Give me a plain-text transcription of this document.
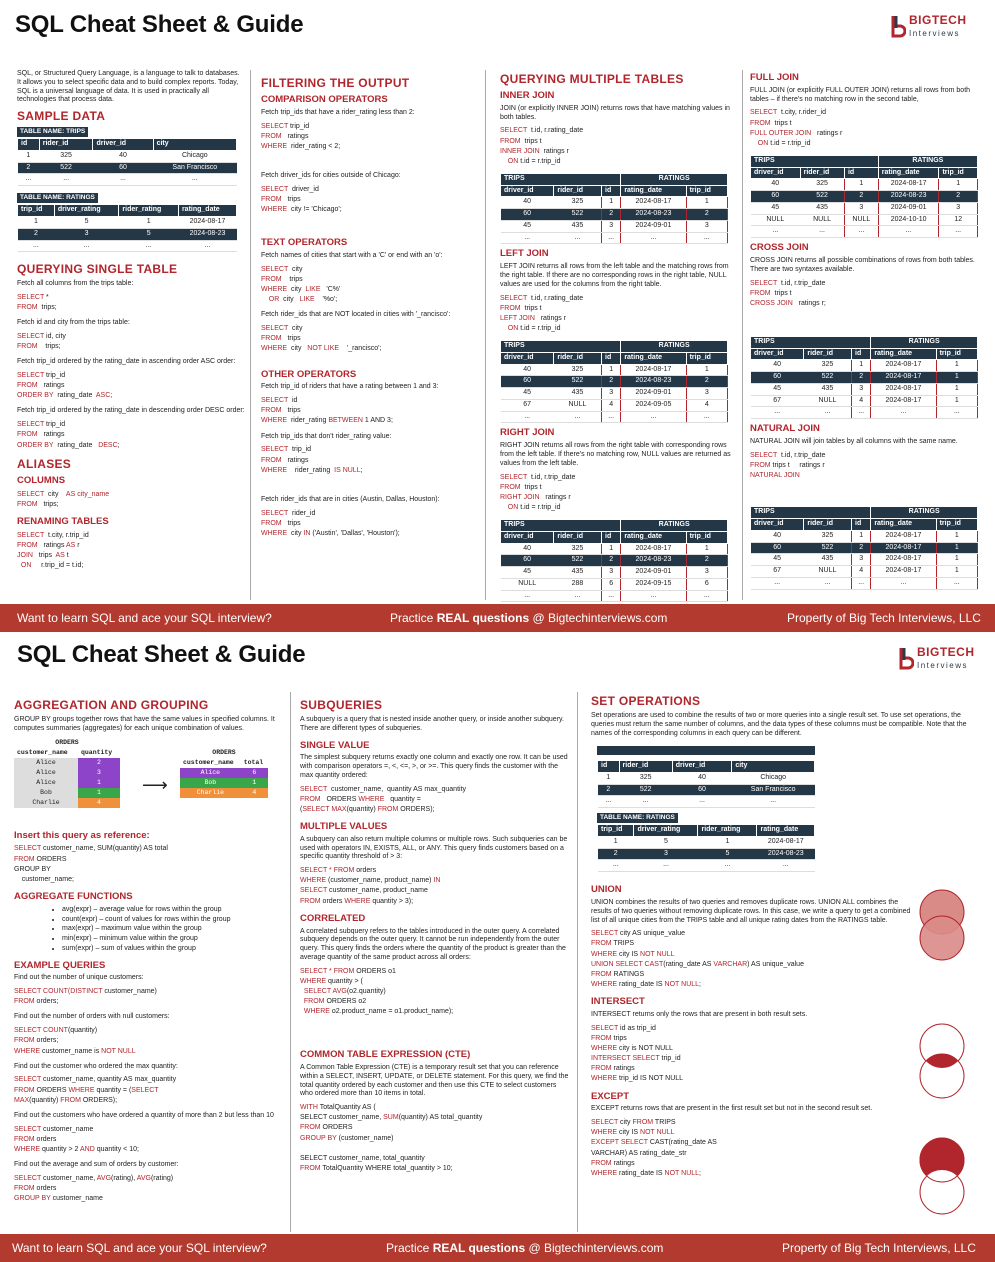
SQL Cheat Sheet & Guide	BIGTECH
Interviews

SQL, or Structured Query Language, is a language to talk to databases. It allows you to select specific data and to build complex reports. Today, SQL is a universal language of data. It is used in practically all technologies that process data.

SAMPLE DATA
TABLE NAME: TRIPS
id	rider_id	driver_id	city
1	325	40	Chicago
2	522	60	San Francisco
...	...	...	...
TABLE NAME: RATINGS
trip_id	driver_rating	rider_rating	rating_date
1	5	1	2024-08-17
2	3	5	2024-08-23
...	...	...	...
QUERYING SINGLE TABLE

Fetch all columns from the trips table:

SELECT *
FROM  trips;

Fetch id and city from the trips table:

SELECT id, city
FROM    trips;

Fetch trip_id ordered by the rating_date in ascending order ASC order:

SELECT trip_id
FROM   ratings
ORDER BY  rating_date  ASC;

Fetch trip_id ordered by the rating_date in descending order DESC order:

SELECT trip_id
FROM   ratings
ORDER BY  rating_date   DESC;
ALIASES
COLUMNS
SELECT  city    AS city_name
FROM   trips;
RENAMING TABLES
SELECT  t.city, r.trip_id
FROM   ratings AS r
JOIN   trips  AS t
ON     r.trip_id = t.id;
FILTERING THE OUTPUT
COMPARISON OPERATORS

Fetch trip_ids that have a rider_rating less than 2:

SELECT trip_id
FROM   ratings
WHERE  rider_rating < 2;

Fetch driver_ids for cities outside of Chicago:

SELECT  driver_id
FROM   trips
WHERE  city != 'Chicago';
TEXT OPERATORS

Fetch names of cities that start with a 'C' or end with an 'o':

SELECT  city
FROM    trips
WHERE  city  LIKE   'C%'
OR  city   LIKE    '%o';

Fetch rider_ids that are NOT located in cities with '_rancisco':

SELECT  city
FROM   trips
WHERE  city   NOT LIKE    '_rancisco';
OTHER OPERATORS

Fetch trip_id of riders that have a rating between 1 and 3:

SELECT  id
FROM   trips
WHERE  rider_rating BETWEEN 1 AND 3;

Fetch trip_ids that don't rider_rating value:

SELECT  trip_id
FROM   ratings
WHERE    rider_rating  IS NULL;

Fetch rider_ids that are in cities (Austin, Dallas, Houston):

SELECT  rider_id
FROM   trips
WHERE  city IN ('Austin', 'Dallas', 'Houston');
QUERYING MULTIPLE TABLES
INNER JOIN

JOIN (or explicitly INNER JOIN) returns rows that have matching values in both tables.

SELECT  t.id, r.rating_date
FROM  trips t
INNER JOIN  ratings r
ON t.id = r.trip_id
TRIPS			RATINGS	
driver_id	rider_id	id	rating_date	trip_id
40	325	1	2024-08-17	1
60	522	2	2024-08-23	2
45	435	3	2024-09-01	3
...	...	...	...	...
LEFT JOIN

LEFT JOIN returns all rows from the left table and the matching rows from the right table. If there are no corresponding rows in the right table, NULL values are used for the columns from the right table.

SELECT  t.id, r.rating_date
FROM  trips t
LEFT JOIN   ratings r
ON t.id = r.trip_id
TRIPS			RATINGS	
driver_id	rider_id	id	rating_date	trip_id
40	325	1	2024-08-17	1
60	522	2	2024-08-23	2
45	435	3	2024-09-01	3
67	NULL	4	2024-09-05	4
...	...	...	...	...
RIGHT JOIN

RIGHT JOIN returns all rows from the right table with corresponding rows from the left table. If there's no matching row, NULL values are returned as values from the left table.

SELECT  t.id, r.trip_date
FROM  trips t
RIGHT JOIN   ratings r
ON t.id = r.trip_id
TRIPS			RATINGS	
driver_id	rider_id	id	rating_date	trip_id
40	325	1	2024-08-17	1
60	522	2	2024-08-23	2
45	435	3	2024-09-01	3
NULL	288	6	2024-09-15	6
...	...	...	...	...
FULL JOIN

FULL JOIN (or explicitly FULL OUTER JOIN) returns all rows from both tables – if there's no matching row in the second table,

SELECT  t.city, r.rider_id
FROM  trips t
FULL OUTER JOIN   ratings r
ON t.id = r.trip_id
TRIPS			RATINGS	
driver_id	rider_id	id	rating_date	trip_id
40	325	1	2024-08-17	1
60	522	2	2024-08-23	2
45	435	3	2024-09-01	3
NULL	NULL	NULL	2024-10-10	12
...	...	...	...	...
CROSS JOIN

CROSS JOIN returns all possible combinations of rows from both tables. There are two syntaxes available.

SELECT  t.id, r.trip_date
FROM  trips t
CROSS JOIN   ratings r;
TRIPS			RATINGS	
driver_id	rider_id	id	rating_date	trip_id
40	325	1	2024-08-17	1
60	522	2	2024-08-17	1
45	435	3	2024-08-17	1
67	NULL	4	2024-08-17	1
...	...	...	...	...
NATURAL JOIN

NATURAL JOIN will join tables by all columns with the same name.

SELECT  t.id, r.trip_date
FROM trips t     ratings r
NATURAL JOIN
TRIPS			RATINGS	
driver_id	rider_id	id	rating_date	trip_id
40	325	1	2024-08-17	1
60	522	2	2024-08-17	1
45	435	3	2024-08-17	1
67	NULL	4	2024-08-17	1
...	...	...	...	...
Want to learn SQL and ace your SQL interview?	Practice REAL questions @ Bigtechinterviews.com	Property of Big Tech Interviews, LLC
SQL Cheat Sheet & Guide	BIGTECH
Interviews
AGGREGATION AND GROUPING

GROUP BY groups together rows that have the same values in specified columns. It computes summaries (aggregates) for each unique combination of values.

ORDERS	
customer_name	quantity
Alice	2
Alice	3
Alice	1
Bob	1
Charlie	4
⟶
ORDERS	
customer_name	total
Alice	6
Bob	1
Charlie	4
Insert this query as reference:
SELECT customer_name, SUM(quantity) AS total
FROM ORDERS
GROUP BY
customer_name;
AGGREGATE FUNCTIONS
• avg(expr) – average value for rows within the group
• count(expr) – count of values for rows within the group
• max(expr) – maximum value within the group
• min(expr) – minimum value within the group
• sum(expr) – sum of values within the group
EXAMPLE QUERIES

Find out the number of unique customers:

SELECT COUNT(DISTINCT customer_name)
FROM orders;

Find out the number of orders with null customers:

SELECT COUNT(quantity)
FROM orders;
WHERE customer_name is NOT NULL

Find out the customer who ordered the max quantity:

SELECT customer_name, quantity AS max_quantity
FROM ORDERS WHERE quantity = (SELECT
MAX(quantity) FROM ORDERS);

Find out the customers who have ordered a quantity of more than 2 but less than 10

SELECT customer_name
FROM orders
WHERE quantity > 2 AND quantity < 10;

Find out the average and sum of orders by customer:

SELECT customer_name, AVG(rating), AVG(rating)
FROM orders
GROUP BY customer_name
SUBQUERIES

A subquery is a query that is nested inside another query, or inside another subquery. There are different types of subqueries.

SINGLE VALUE

The simplest subquery returns exactly one column and exactly one row. It can be used with comparison operators =, <, <=, >, or >=. This query finds the customer with the max quantity ordered:

SELECT  customer_name,  quantity AS max_quantity
FROM   ORDERS WHERE   quantity =
(SELECT MAX(quantity) FROM ORDERS);
MULTIPLE VALUES

A subquery can also return multiple columns or multiple rows. Such subqueries can be used with operators IN, EXISTS, ALL, or ANY. This query finds customers based on a specific quantity threshold of > 3:

SELECT * FROM orders
WHERE (customer_name, product_name) IN
SELECT customer_name, product_name
FROM orders WHERE quantity > 3);
CORRELATED

A correlated subquery refers to the tables introduced in the outer query. A correlated subquery depends on the outer query. It cannot be run independently from the outer query. This query finds the orders where the quantity of the product is greater than the average quantity of the same product across all orders:

SELECT * FROM ORDERS o1
WHERE quantity > (
SELECT AVG(o2.quantity)
FROM ORDERS o2
WHERE o2.product_name = o1.product_name);
COMMON TABLE EXPRESSION (CTE)

A Common Table Expression (CTE) is a temporary result set that you can reference within a SELECT, INSERT, UPDATE, or DELETE statement. For this query, we find the total quantity ordered by each customer and then use this CTE to select customers who ordered more than 10 items in total.

WITH TotalQuantity AS (
SELECT customer_name, SUM(quantity) AS total_quantity
FROM ORDERS
GROUP BY (customer_name)

SELECT customer_name, total_quantity
FROM TotalQuantity WHERE total_quantity > 10;
SET OPERATIONS

Set operations are used to combine the results of two or more queries into a single result set. To use set operations, the queries must return the same number of columns, and the data types of these columns must be compatible. Note that the names of the corresponding columns in each query can be different.

id	rider_id	driver_id	city
1	325	40	Chicago
2	522	60	San Francisco
...	...	...	...
TABLE NAME: RATINGS
trip_id	driver_rating	rider_rating	rating_date
1	5	1	2024-08-17
2	3	5	2024-08-23
...	...	...	...
UNION

UNION combines the results of two queries and removes duplicate rows. UNION ALL combines the results of two queries without removing duplicate rows. In this case, we write a query to get a combined list of all unique cities from the TRIPS table and all unique rating dates from the RATINGS table.

SELECT city AS unique_value
FROM TRIPS
WHERE city IS NOT NULL
UNION SELECT CAST(rating_date AS VARCHAR) AS unique_value
FROM RATINGS
WHERE rating_date IS NOT NULL;
INTERSECT

INTERSECT returns only the rows that are present in both result sets.

SELECT id as trip_id
FROM trips
WHERE city is NOT NULL
INTERSECT SELECT trip_id
FROM ratings
WHERE trip_id IS NOT NULL
EXCEPT

EXCEPT returns rows that are present in the first result set but not in the second result set.

SELECT city FROM TRIPS
WHERE city IS NOT NULL
EXCEPT SELECT CAST(rating_date AS
VARCHAR) AS rating_date_str
FROM ratings
WHERE rating_date IS NOT NULL;
Want to learn SQL and ace your SQL interview?	Practice REAL questions @ Bigtechinterviews.com	Property of Big Tech Interviews, LLC
